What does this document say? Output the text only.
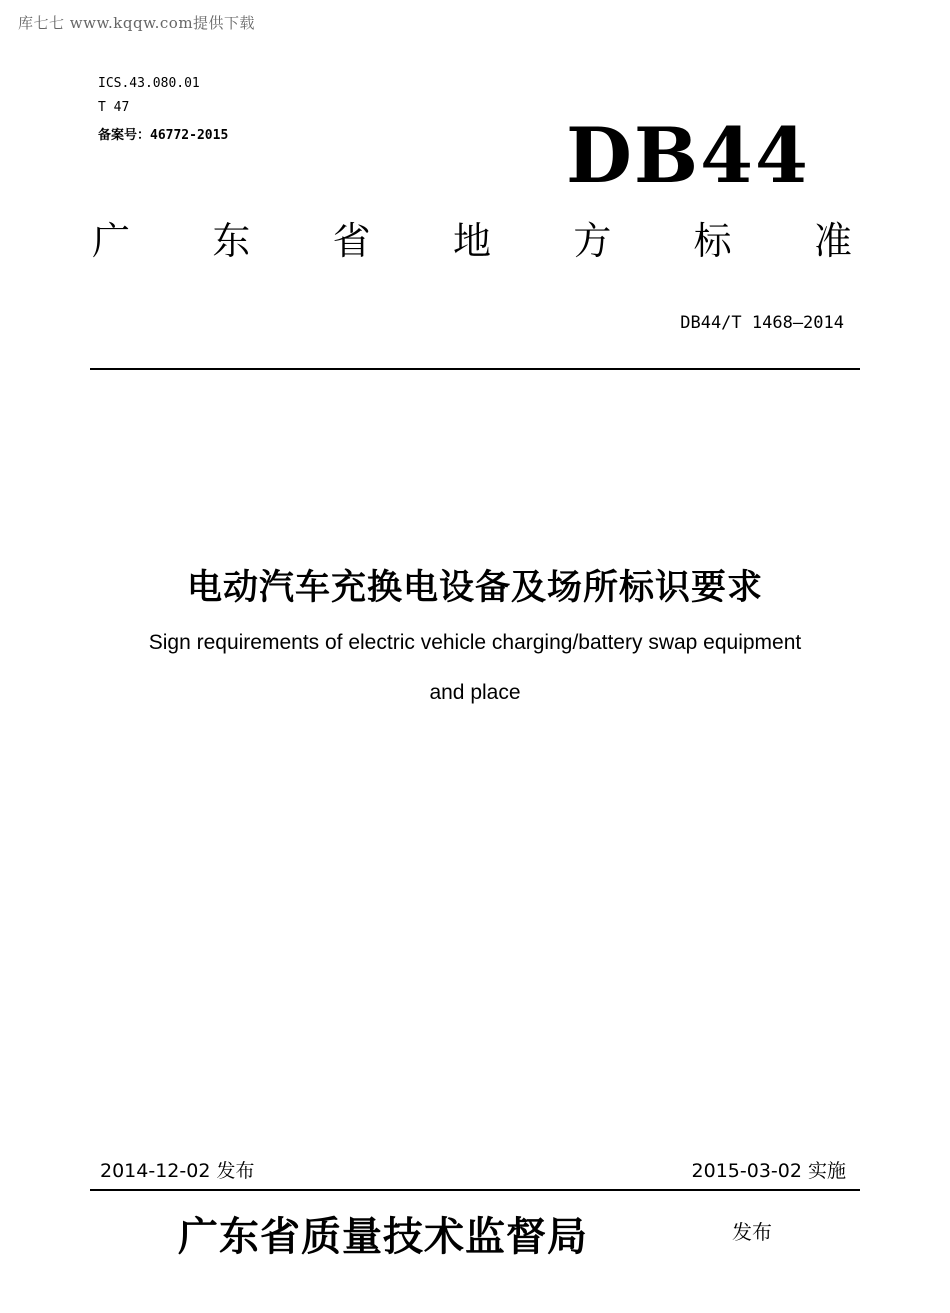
库七七 www.kqqw.com提供下载
ICS.43.080.01
T 47
备案号：46772-2015	DB44
广 东 省 地 方 标 准
DB44/T 1468—2014
电动汽车充换电设备及场所标识要求
Sign requirements of electric vehicle charging/battery swap equipment
and place
2014-12-02 发布	2015-03-02 实施
广东省质量技术监督局	发布
